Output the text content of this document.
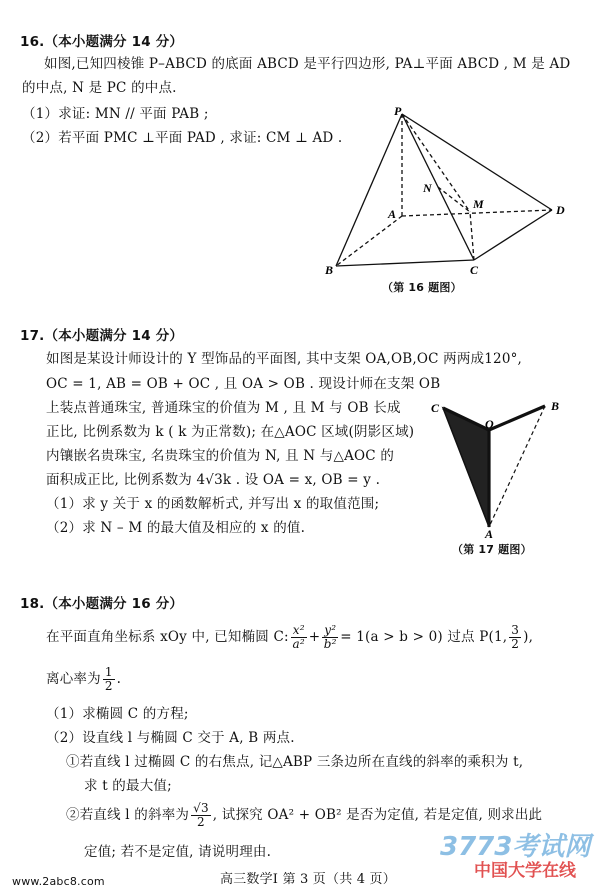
16.（本小题满分 14 分）
如图,已知四棱锥 P–ABCD 的底面 ABCD 是平行四边形, PA⊥平面 ABCD , M 是 AD
的中点, N 是 PC 的中点.
（1）求证: MN // 平面 PAB ;
（2）若平面 PMC ⊥平面 PAD , 求证: CM ⊥ AD .
P
N
A
M	D
B	C
（第 16 题图）
17.（本小题满分 14 分）
如图是某设计师设计的 Y 型饰品的平面图, 其中支架 OA,OB,OC 两两成120°,
OC = 1, AB = OB + OC , 且 OA > OB . 现设计师在支架 OB
上装点普通珠宝, 普通珠宝的价值为 M , 且 M 与 OB 长成
正比, 比例系数为 k ( k 为正常数); 在△AOC 区域(阴影区域)
内镶嵌名贵珠宝, 名贵珠宝的价值为 N, 且 N 与△AOC 的
面积成正比, 比例系数为 4√3k . 设 OA = x, OB = y .
（1）求 y 关于 x 的函数解析式, 并写出 x 的取值范围;
（2）求 N – M 的最大值及相应的 x 的值.
C
O
B
A
（第 17 题图）
18.（本小题满分 16 分）
在平面直角坐标系 xOy 中, 已知椭圆 C: $\frac{\text{x²}}{\text{a²}} + \frac{\text{y²}}{\text{b²}} = 1(a > b > 0)$ 过点 P(1, $\frac{3}{2}$ ),
离心率为 $\frac{1}{2}$ .
（1）求椭圆 C 的方程;
（2）设直线 l 与椭圆 C 交于 A, B 两点.
①若直线 l 过椭圆 C 的右焦点, 记△ABP 三条边所在直线的斜率的乘积为 t,
求 t 的最大值;
②若直线 l 的斜率为 $\frac{√3}{2}$ , 试探究 OA² + OB² 是否为定值, 若是定值, 则求出此
定值; 若不是定值, 请说明理由.
www.2abc8.com	高三数学Ⅰ 第 3 页（共 4 页）
3773考试网
中国大学在线
